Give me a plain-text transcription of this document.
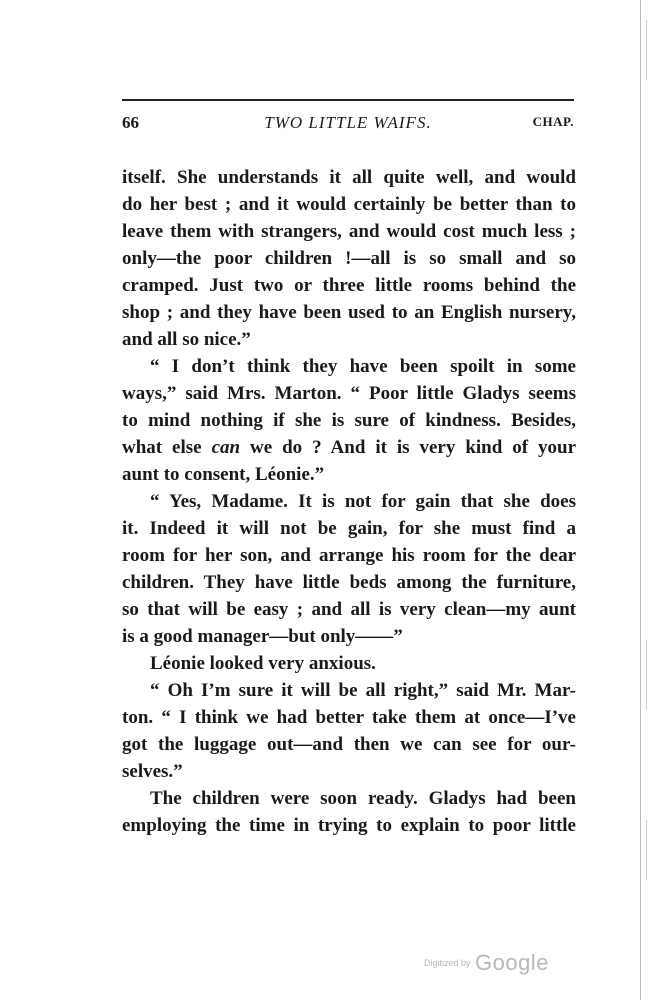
66	TWO LITTLE WAIFS.	CHAP.
itself. She understands it all quite well, and would
do her best ; and it would certainly be better than to
leave them with strangers, and would cost much less ;
only—the poor children !—all is so small and so
cramped. Just two or three little rooms behind the
shop ; and they have been used to an English nursery,
and all so nice.”
“ I don’t think they have been spoilt in some
ways,” said Mrs. Marton. “ Poor little Gladys seems
to mind nothing if she is sure of kindness. Besides,
what else can we do ? And it is very kind of your
aunt to consent, Léonie.”
“ Yes, Madame. It is not for gain that she does
it. Indeed it will not be gain, for she must find a
room for her son, and arrange his room for the dear
children. They have little beds among the furniture,
so that will be easy ; and all is very clean—my aunt
is a good manager—but only——”
Léonie looked very anxious.
“ Oh I’m sure it will be all right,” said Mr. Mar-
ton. “ I think we had better take them at once—I’ve
got the luggage out—and then we can see for our-
selves.”
The children were soon ready. Gladys had been
employing the time in trying to explain to poor little
Digitized by Google
